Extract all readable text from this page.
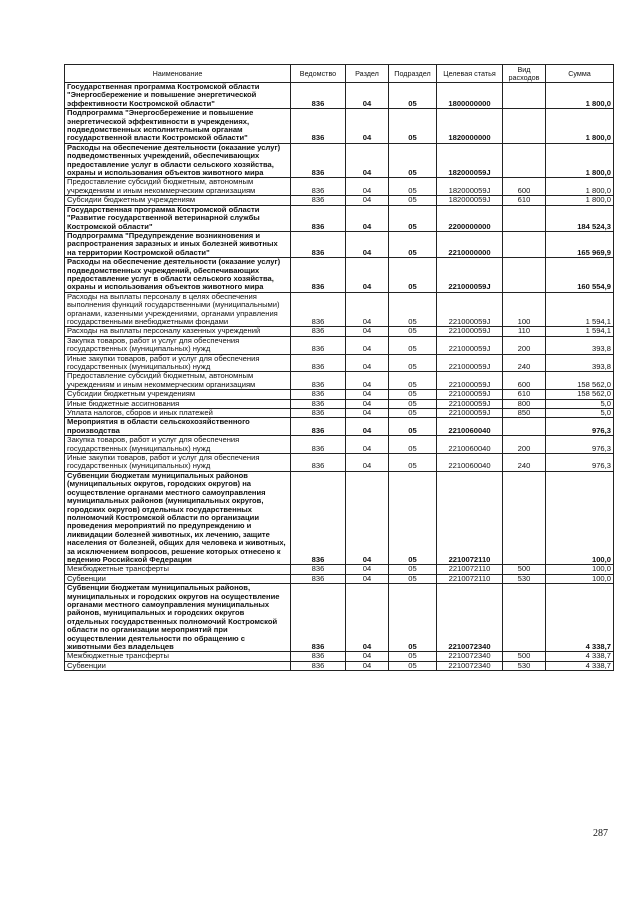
Наименование	Ведомство	Раздел	Подраздел	Целевая статья	Вид расходов	Сумма
Государственная программа Костромской области "Энергосбережение и повышение энергетической эффективности Костромской области"	836	04	05	1800000000		1 800,0
Подпрограмма "Энергосбережение и повышение энергетической эффективности в учреждениях, подведомственных исполнительным органам государственной власти Костромской области"	836	04	05	1820000000		1 800,0
Расходы на обеспечение деятельности (оказание услуг) подведомственных учреждений, обеспечивающих предоставление услуг в области сельского хозяйства, охраны и использования объектов животного мира	836	04	05	182000059J		1 800,0
Предоставление субсидий бюджетным, автономным учреждениям и иным некоммерческим организациям	836	04	05	182000059J	600	1 800,0
Субсидии бюджетным учреждениям	836	04	05	182000059J	610	1 800,0
Государственная программа Костромской области "Развитие государственной ветеринарной службы Костромской области"	836	04	05	2200000000		184 524,3
Подпрограмма "Предупреждение возникновения и распространения заразных и иных болезней животных на территории Костромской области"	836	04	05	2210000000		165 969,9
Расходы на обеспечение деятельности (оказание услуг) подведомственных учреждений, обеспечивающих предоставление услуг в области сельского хозяйства, охраны и использования объектов животного мира	836	04	05	221000059J		160 554,9
Расходы на выплаты персоналу в целях обеспечения выполнения функций государственными (муниципальными) органами, казенными учреждениями, органами управления государственными внебюджетными фондами	836	04	05	221000059J	100	1 594,1
Расходы на выплаты персоналу казенных учреждений	836	04	05	221000059J	110	1 594,1
Закупка товаров, работ и услуг для обеспечения государственных (муниципальных) нужд	836	04	05	221000059J	200	393,8
Иные закупки товаров, работ и услуг для обеспечения государственных (муниципальных) нужд	836	04	05	221000059J	240	393,8
Предоставление субсидий бюджетным, автономным учреждениям и иным некоммерческим организациям	836	04	05	221000059J	600	158 562,0
Субсидии бюджетным учреждениям	836	04	05	221000059J	610	158 562,0
Иные бюджетные ассигнования	836	04	05	221000059J	800	5,0
Уплата налогов, сборов и иных платежей	836	04	05	221000059J	850	5,0
Мероприятия в области сельскохозяйственного производства	836	04	05	2210060040		976,3
Закупка товаров, работ и услуг для обеспечения государственных (муниципальных) нужд	836	04	05	2210060040	200	976,3
Иные закупки товаров, работ и услуг для обеспечения государственных (муниципальных) нужд	836	04	05	2210060040	240	976,3
Субвенции бюджетам муниципальных районов (муниципальных округов, городских округов) на осуществление органами местного самоуправления муниципальных районов (муниципальных округов, городских округов) отдельных государственных полномочий Костромской области по организации проведения мероприятий по предупреждению и ликвидации болезней животных, их лечению, защите населения от болезней, общих для человека и животных, за исключением вопросов, решение которых отнесено к ведению Российской Федерации	836	04	05	2210072110		100,0
Межбюджетные трансферты	836	04	05	2210072110	500	100,0
Субвенции	836	04	05	2210072110	530	100,0
Субвенции бюджетам муниципальных районов, муниципальных и городских округов на осуществление органами местного самоуправления муниципальных районов, муниципальных и городских округов отдельных государственных полномочий Костромской области по организации мероприятий при осуществлении деятельности по обращению с животными без владельцев	836	04	05	2210072340		4 338,7
Межбюджетные трансферты	836	04	05	2210072340	500	4 338,7
Субвенции	836	04	05	2210072340	530	4 338,7
287
